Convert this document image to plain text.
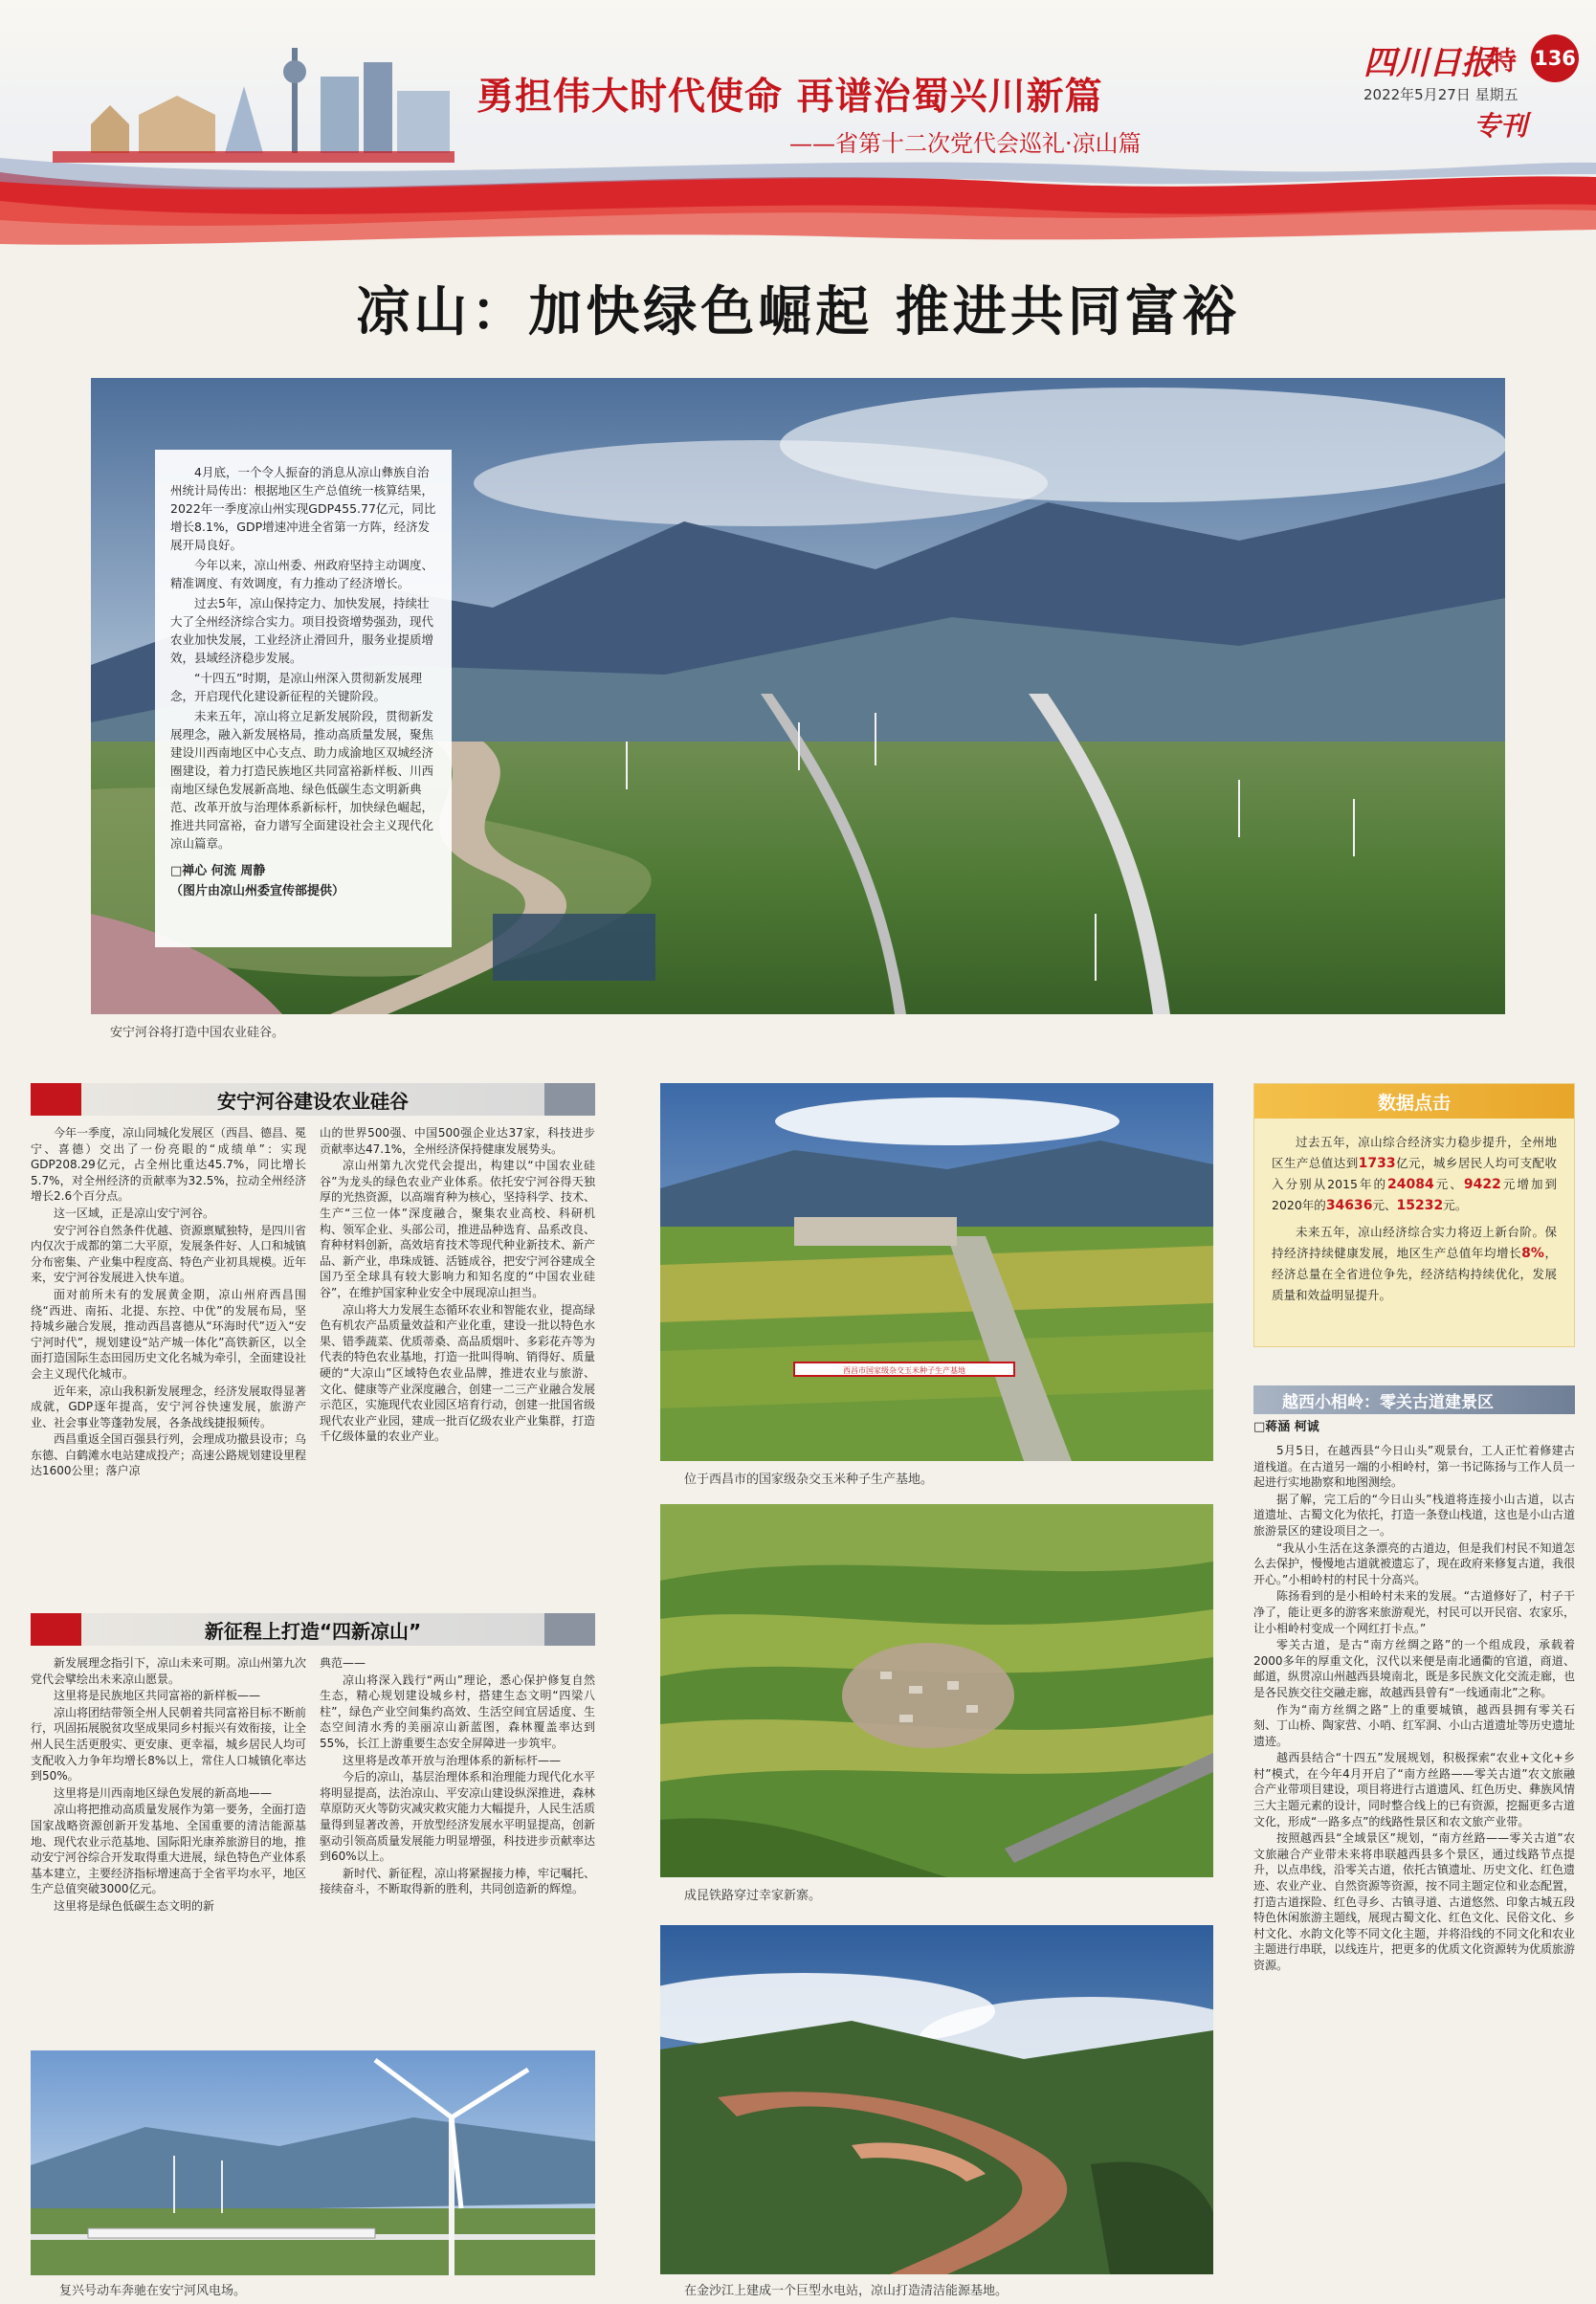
勇担伟大时代使命 再谱治蜀兴川新篇
——省第十二次党代会巡礼·凉山篇
四川日报
特 136
2022年5月27日 星期五
专刊
凉山：加快绿色崛起 推进共同富裕
安宁河谷将打造中国农业硅谷。

4月底，一个令人振奋的消息从凉山彝族自治州统计局传出：根据地区生产总值统一核算结果，2022年一季度凉山州实现GDP455.77亿元，同比增长8.1%，GDP增速冲进全省第一方阵，经济发展开局良好。

今年以来，凉山州委、州政府坚持主动调度、精准调度、有效调度，有力推动了经济增长。

过去5年，凉山保持定力、加快发展，持续壮大了全州经济综合实力。项目投资增势强劲，现代农业加快发展，工业经济止滑回升，服务业提质增效，县域经济稳步发展。

“十四五”时期，是凉山州深入贯彻新发展理念，开启现代化建设新征程的关键阶段。

未来五年，凉山将立足新发展阶段，贯彻新发展理念，融入新发展格局，推动高质量发展，聚焦建设川西南地区中心支点、助力成渝地区双城经济圈建设，着力打造民族地区共同富裕新样板、川西南地区绿色发展新高地、绿色低碳生态文明新典范、改革开放与治理体系新标杆，加快绿色崛起，推进共同富裕，奋力谱写全面建设社会主义现代化凉山篇章。

□禅心 何流 周静
（图片由凉山州委宣传部提供）
安宁河谷建设农业硅谷

今年一季度，凉山同城化发展区（西昌、德昌、冕宁、喜德）交出了一份亮眼的“成绩单”：实现GDP208.29亿元，占全州比重达45.7%，同比增长5.7%，对全州经济的贡献率为32.5%，拉动全州经济增长2.6个百分点。

这一区域，正是凉山安宁河谷。

安宁河谷自然条件优越、资源禀赋独特，是四川省内仅次于成都的第二大平原，发展条件好、人口和城镇分布密集、产业集中程度高、特色产业初具规模。近年来，安宁河谷发展进入快车道。

面对前所未有的发展黄金期，凉山州府西昌围绕“西进、南拓、北提、东控、中优”的发展布局，坚持城乡融合发展，推动西昌喜德从“环海时代”迈入“安宁河时代”，规划建设“站产城一体化”高铁新区，以全面打造国际生态田园历史文化名城为牵引，全面建设社会主义现代化城市。

近年来，凉山我积新发展理念，经济发展取得显著成就，GDP逐年提高，安宁河谷快速发展，旅游产业、社会事业等蓬勃发展，各条战线捷报频传。

西昌重返全国百强县行列，会理成功撤县设市；乌东德、白鹤滩水电站建成投产；高速公路规划建设里程达1600公里；落户凉

山的世界500强、中国500强企业达37家，科技进步贡献率达47.1%，全州经济保持健康发展势头。

凉山州第九次党代会提出，构建以“中国农业硅谷”为龙头的绿色农业产业体系。依托安宁河谷得天独厚的光热资源，以高端育种为核心，坚持科学、技术、生产“三位一体”深度融合，聚集农业高校、科研机构、领军企业、头部公司，推进品种选育、品系改良、育种材料创新，高效培育技术等现代种业新技术、新产品、新产业，串珠成链、活链成谷，把安宁河谷建成全国乃至全球具有较大影响力和知名度的“中国农业硅谷”，在维护国家种业安全中展现凉山担当。

凉山将大力发展生态循环农业和智能农业，提高绿色有机农产品质量效益和产业化重，建设一批以特色水果、错季蔬菜、优质蒂桑、高品质烟叶、多彩花卉等为代表的特色农业基地，打造一批叫得响、销得好、质量硬的“大凉山”区域特色农业品牌，推进农业与旅游、文化、健康等产业深度融合，创建一二三产业融合发展示范区，实施现代农业园区培育行动，创建一批国省级现代农业产业园，建成一批百亿级农业产业集群，打造千亿级体量的农业产业。

新征程上打造“四新凉山”

新发展理念指引下，凉山未来可期。凉山州第九次党代会擘绘出未来凉山愿景。

这里将是民族地区共同富裕的新样板——

凉山将团结带领全州人民朝着共同富裕目标不断前行，巩固拓展脱贫攻坚成果同乡村振兴有效衔接，让全州人民生活更殷实、更安康、更幸福，城乡居民人均可支配收入力争年均增长8%以上，常住人口城镇化率达到50%。

这里将是川西南地区绿色发展的新高地——

凉山将把推动高质量发展作为第一要务，全面打造国家战略资源创新开发基地、全国重要的清洁能源基地、现代农业示范基地、国际阳光康养旅游目的地，推动安宁河谷综合开发取得重大进展，绿色特色产业体系基本建立，主要经济指标增速高于全省平均水平，地区生产总值突破3000亿元。

这里将是绿色低碳生态文明的新

典范——

凉山将深入践行“两山”理论，悉心保护修复自然生态，精心规划建设城乡村，搭建生态文明“四梁八柱”，绿色产业空间集约高效、生活空间宜居适度、生态空间清水秀的美丽凉山新蓝图，森林覆盖率达到55%，长江上游重要生态安全屏障进一步筑牢。

这里将是改革开放与治理体系的新标杆——

今后的凉山，基层治理体系和治理能力现代化水平将明显提高，法治凉山、平安凉山建设纵深推进，森林草原防灭火等防灾减灾救灾能力大幅提升，人民生活质量得到显著改善，开放型经济发展水平明显提高，创新驱动引领高质量发展能力明显增强，科技进步贡献率达到60%以上。

新时代、新征程，凉山将紧握接力棒，牢记嘱托、接续奋斗，不断取得新的胜利，共同创造新的辉煌。

复兴号动车奔驰在安宁河风电场。
西昌市国家级杂交玉米种子生产基地
位于西昌市的国家级杂交玉米种子生产基地。
成昆铁路穿过幸家新寨。
在金沙江上建成一个巨型水电站，凉山打造清洁能源基地。
数据点击

过去五年，凉山综合经济实力稳步提升，全州地区生产总值达到1733亿元，城乡居民人均可支配收入分别从2015年的24084元、9422元增加到2020年的34636元、15232元。

未来五年，凉山经济综合实力将迈上新台阶。保持经济持续健康发展，地区生产总值年均增长8%，经济总量在全省进位争先，经济结构持续优化，发展质量和效益明显提升。

越西小相岭：零关古道建景区
□蒋涵 柯诚

5月5日，在越西县“今日山头”观景台，工人正忙着修建古道栈道。在古道另一端的小相岭村，第一书记陈扬与工作人员一起进行实地勘察和地图测绘。

据了解，完工后的“今日山头”栈道将连接小山古道，以古道遗址、古蜀文化为依托，打造一条登山栈道，这也是小山古道旅游景区的建设项目之一。

“我从小生活在这条漂亮的古道边，但是我们村民不知道怎么去保护，慢慢地古道就被遗忘了，现在政府来修复古道，我很开心。”小相岭村的村民十分高兴。

陈扬看到的是小相岭村未来的发展。“古道修好了，村子干净了，能让更多的游客来旅游观光，村民可以开民宿、农家乐，让小相岭村变成一个网红打卡点。”

零关古道，是古“南方丝绸之路”的一个组成段，承载着2000多年的厚重文化，汉代以来便是南北通衢的官道，商道、邮道，纵贯凉山州越西县境南北，既是多民族文化交流走廊，也是各民族交往交融走廊，故越西县曾有“一线通南北”之称。

作为“南方丝绸之路”上的重要城镇，越西县拥有零关石刻、丁山桥、陶家营、小哨、红军洞、小山古道遗址等历史遗址遗迹。

越西县结合“十四五”发展规划，积极探索“农业+文化+乡村”模式，在今年4月开启了“南方丝路——零关古道”农文旅融合产业带项目建设，项目将进行古道遗风、红色历史、彝族风情三大主题元素的设计，同时整合线上的已有资源，挖掘更多古道文化，形成“一路多点”的线路性景区和农文旅产业带。

按照越西县“全域景区”规划，“南方丝路——零关古道”农文旅融合产业带未来将串联越西县多个景区，通过线路节点提升，以点串线，沿零关古道，依托古镇遗址、历史文化、红色遗迹、农业产业、自然资源等资源，按不同主题定位和业态配置，打造古道探险、红色寻乡、古镇寻道、古道悠然、印象古城五段特色休闲旅游主题线，展现古蜀文化、红色文化、民俗文化、乡村文化、水韵文化等不同文化主题，并将沿线的不同文化和农业主题进行串联，以线连片，把更多的优质文化资源转为优质旅游资源。
